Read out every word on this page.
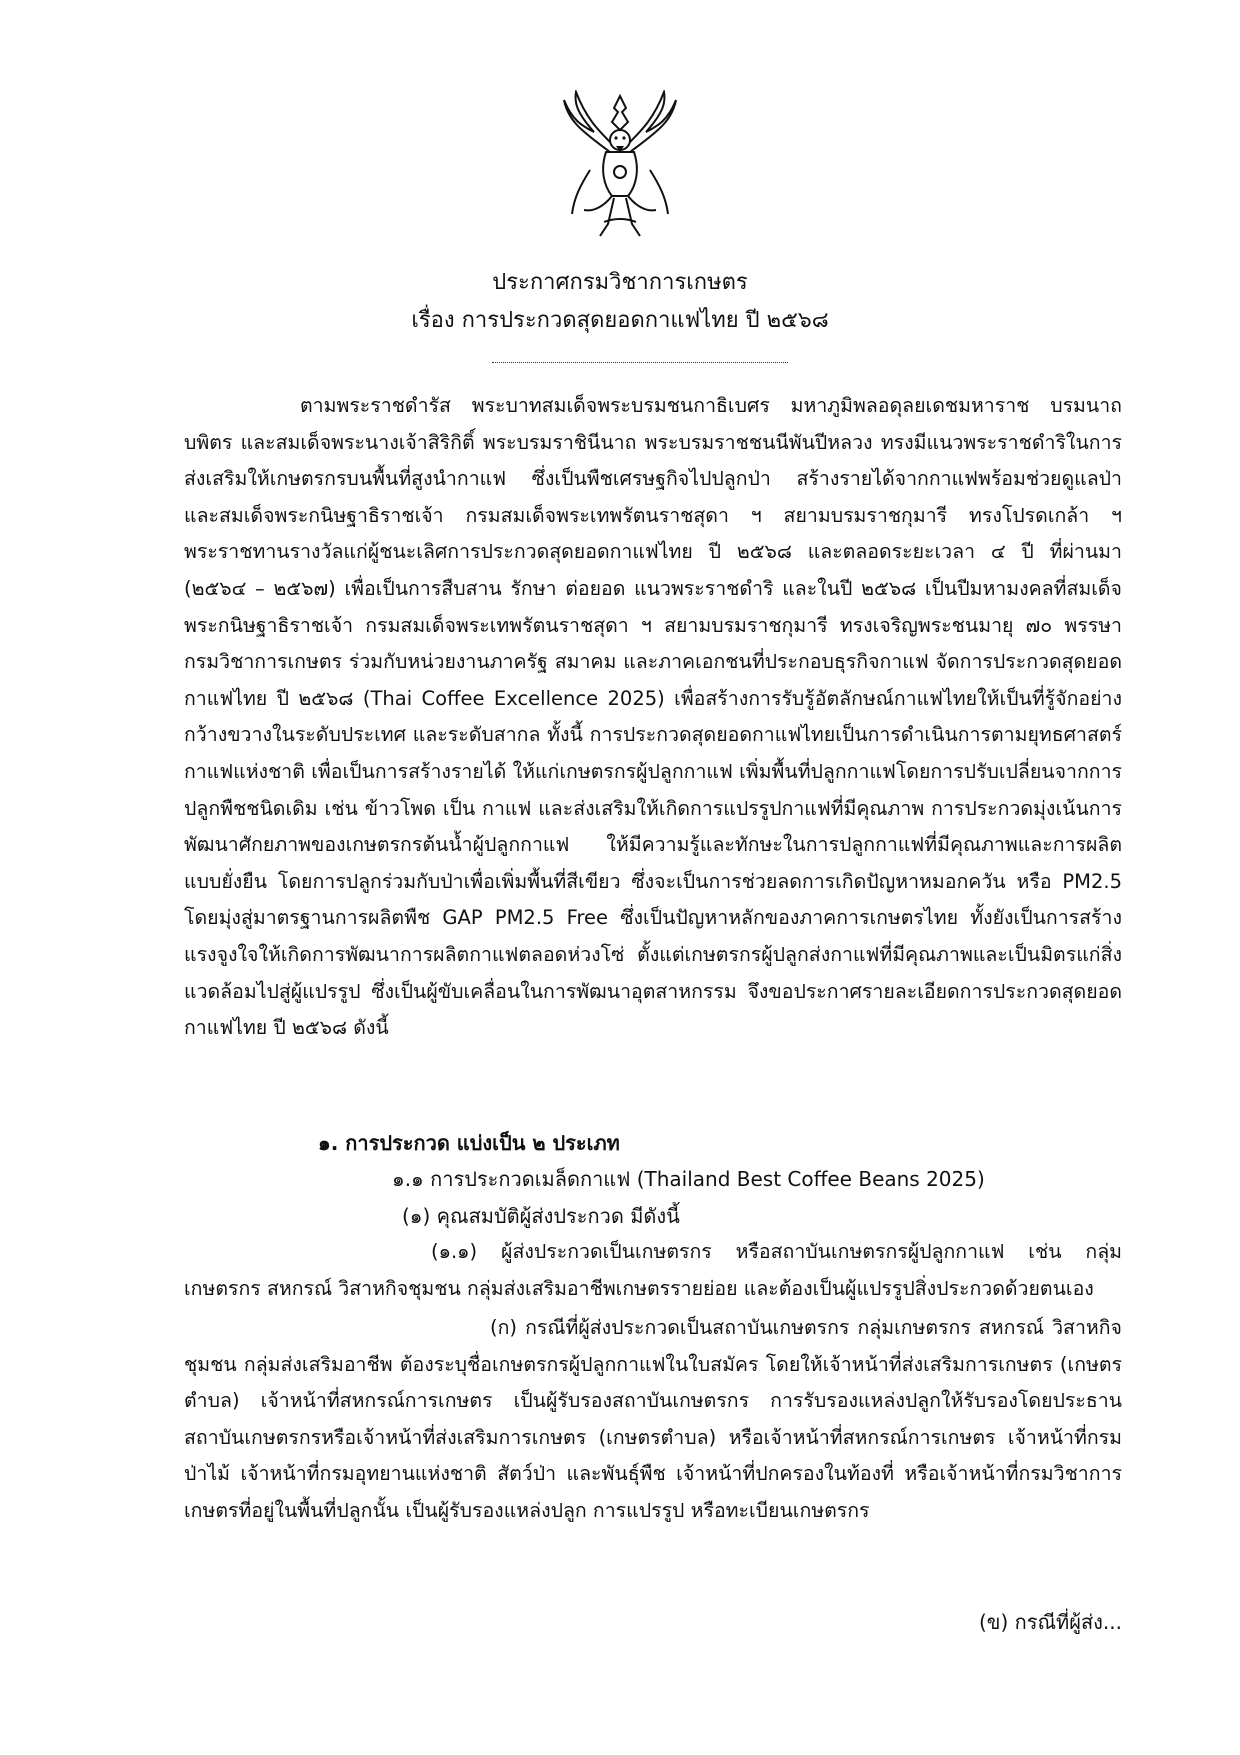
ประกาศกรมวิชาการเกษตร
เรื่อง การประกวดสุดยอดกาแฟไทย ปี ๒๕๖๘

ตามพระราชดำรัส พระบาทสมเด็จพระบรมชนกาธิเบศร มหาภูมิพลอดุลยเดชมหาราช บรมนาถบพิตร และสมเด็จพระนางเจ้าสิริกิติ์ พระบรมราชินีนาถ พระบรมราชชนนีพันปีหลวง ทรงมีแนวพระราชดำริในการส่งเสริมให้เกษตรกรบนพื้นที่สูงนำกาแฟ ซึ่งเป็นพืชเศรษฐกิจไปปลูกป่า สร้างรายได้จากกาแฟพร้อมช่วยดูแลป่า และสมเด็จพระกนิษฐาธิราชเจ้า กรมสมเด็จพระเทพรัตนราชสุดา ฯ สยามบรมราชกุมารี ทรงโปรดเกล้า ฯ พระราชทานรางวัลแก่ผู้ชนะเลิศการประกวดสุดยอดกาแฟไทย ปี ๒๕๖๘ และตลอดระยะเวลา ๔ ปี ที่ผ่านมา (๒๕๖๔ – ๒๕๖๗) เพื่อเป็นการสืบสาน รักษา ต่อยอด แนวพระราชดำริ และในปี ๒๕๖๘ เป็นปีมหามงคลที่สมเด็จพระกนิษฐาธิราชเจ้า กรมสมเด็จพระเทพรัตนราชสุดา ฯ สยามบรมราชกุมารี ทรงเจริญพระชนมายุ ๗๐ พรรษา กรมวิชาการเกษตร ร่วมกับหน่วยงานภาครัฐ สมาคม และภาคเอกชนที่ประกอบธุรกิจกาแฟ จัดการประกวดสุดยอดกาแฟไทย ปี ๒๕๖๘ (Thai Coffee Excellence 2025) เพื่อสร้างการรับรู้อัตลักษณ์กาแฟไทยให้เป็นที่รู้จักอย่างกว้างขวางในระดับประเทศ และระดับสากล ทั้งนี้ การประกวดสุดยอดกาแฟไทยเป็นการดำเนินการตามยุทธศาสตร์กาแฟแห่งชาติ เพื่อเป็นการสร้างรายได้ ให้แก่เกษตรกรผู้ปลูกกาแฟ เพิ่มพื้นที่ปลูกกาแฟโดยการปรับเปลี่ยนจากการปลูกพืชชนิดเดิม เช่น ข้าวโพด เป็น กาแฟ และส่งเสริมให้เกิดการแปรรูปกาแฟที่มีคุณภาพ การประกวดมุ่งเน้นการพัฒนาศักยภาพของเกษตรกรต้นน้ำผู้ปลูกกาแฟ ให้มีความรู้และทักษะในการปลูกกาแฟที่มีคุณภาพและการผลิตแบบยั่งยืน โดยการปลูกร่วมกับป่าเพื่อเพิ่มพื้นที่สีเขียว ซึ่งจะเป็นการช่วยลดการเกิดปัญหาหมอกควัน หรือ PM2.5 โดยมุ่งสู่มาตรฐานการผลิตพืช GAP PM2.5 Free ซึ่งเป็นปัญหาหลักของภาคการเกษตรไทย ทั้งยังเป็นการสร้างแรงจูงใจให้เกิดการพัฒนาการผลิตกาแฟตลอดห่วงโซ่ ตั้งแต่เกษตรกรผู้ปลูกส่งกาแฟที่มีคุณภาพและเป็นมิตรแก่สิ่งแวดล้อมไปสู่ผู้แปรรูป ซึ่งเป็นผู้ขับเคลื่อนในการพัฒนาอุตสาหกรรม จึงขอประกาศรายละเอียดการประกวดสุดยอดกาแฟไทย ปี ๒๕๖๘ ดังนี้

๑. การประกวด แบ่งเป็น ๒ ประเภท
๑.๑ การประกวดเมล็ดกาแฟ (Thailand Best Coffee Beans 2025)
(๑) คุณสมบัติผู้ส่งประกวด มีดังนี้

(๑.๑) ผู้ส่งประกวดเป็นเกษตรกร หรือสถาบันเกษตรกรผู้ปลูกกาแฟ เช่น กลุ่มเกษตรกร สหกรณ์ วิสาหกิจชุมชน กลุ่มส่งเสริมอาชีพเกษตรรายย่อย และต้องเป็นผู้แปรรูปสิ่งประกวดด้วยตนเอง

(ก) กรณีที่ผู้ส่งประกวดเป็นสถาบันเกษตรกร กลุ่มเกษตรกร สหกรณ์ วิสาหกิจชุมชน กลุ่มส่งเสริมอาชีพ ต้องระบุชื่อเกษตรกรผู้ปลูกกาแฟในใบสมัคร โดยให้เจ้าหน้าที่ส่งเสริมการเกษตร (เกษตรตำบล) เจ้าหน้าที่สหกรณ์การเกษตร เป็นผู้รับรองสถาบันเกษตรกร การรับรองแหล่งปลูกให้รับรองโดยประธานสถาบันเกษตรกรหรือเจ้าหน้าที่ส่งเสริมการเกษตร (เกษตรตำบล) หรือเจ้าหน้าที่สหกรณ์การเกษตร เจ้าหน้าที่กรมป่าไม้ เจ้าหน้าที่กรมอุทยานแห่งชาติ สัตว์ป่า และพันธุ์พืช เจ้าหน้าที่ปกครองในท้องที่ หรือเจ้าหน้าที่กรมวิชาการเกษตรที่อยู่ในพื้นที่ปลูกนั้น เป็นผู้รับรองแหล่งปลูก การแปรรูป หรือทะเบียนเกษตรกร

(ข) กรณีที่ผู้ส่ง...
